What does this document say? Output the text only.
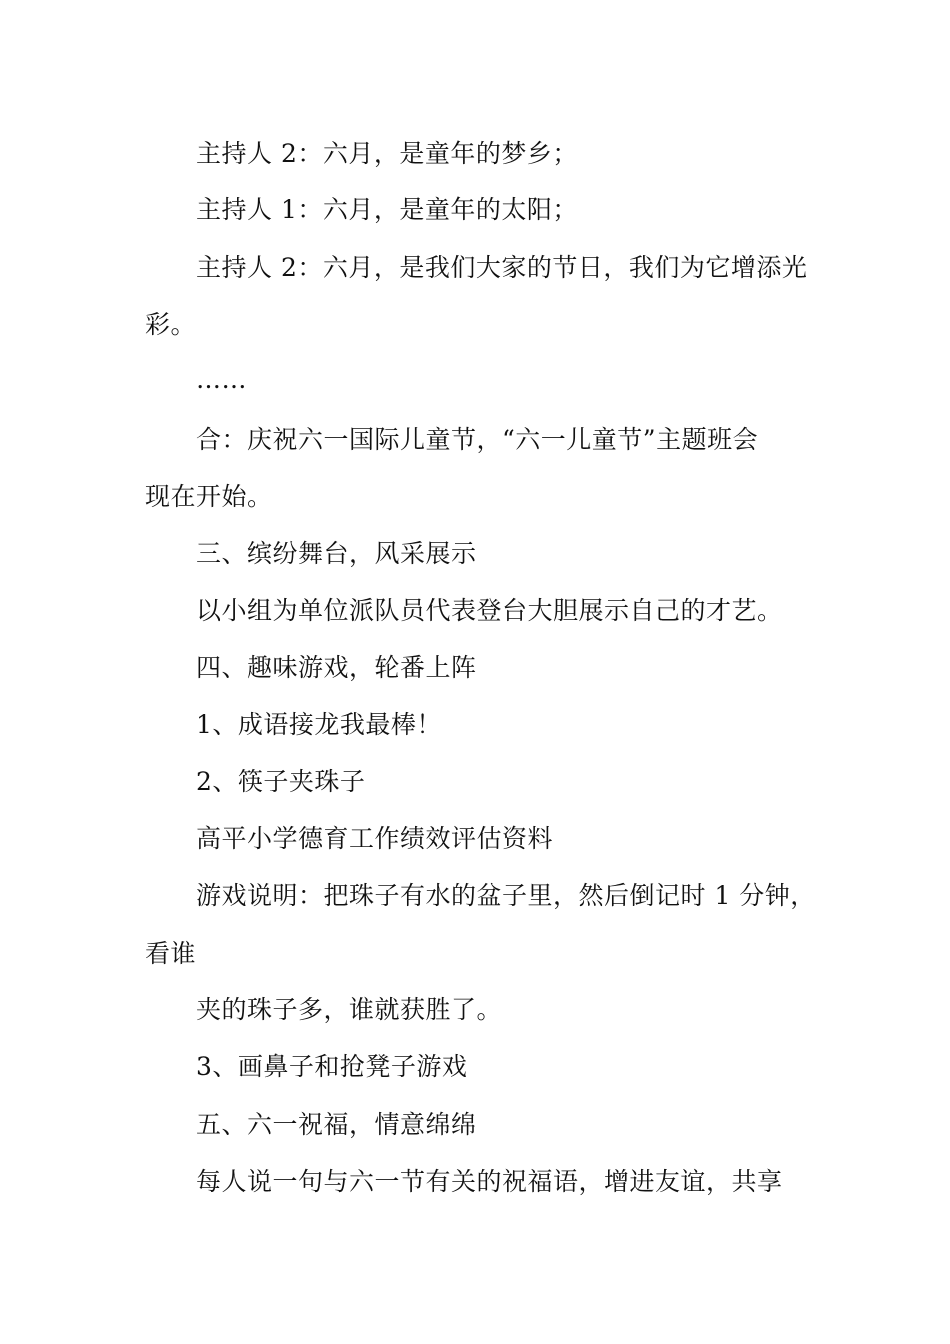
主持人 2：六月，是童年的梦乡；

主持人 1：六月，是童年的太阳；

主持人 2：六月，是我们大家的节日，我们为它增添光

彩。

……

合：庆祝六一国际儿童节，“六一儿童节”主题班会

现在开始。

三、缤纷舞台，风采展示

以小组为单位派队员代表登台大胆展示自己的才艺。

四、趣味游戏，轮番上阵

1、成语接龙我最棒！

2、筷子夹珠子

高平小学德育工作绩效评估资料

游戏说明：把珠子有水的盆子里，然后倒记时 1 分钟，

看谁

夹的珠子多，谁就获胜了。

3、画鼻子和抢凳子游戏

五、六一祝福，情意绵绵

每人说一句与六一节有关的祝福语，增进友谊，共享
